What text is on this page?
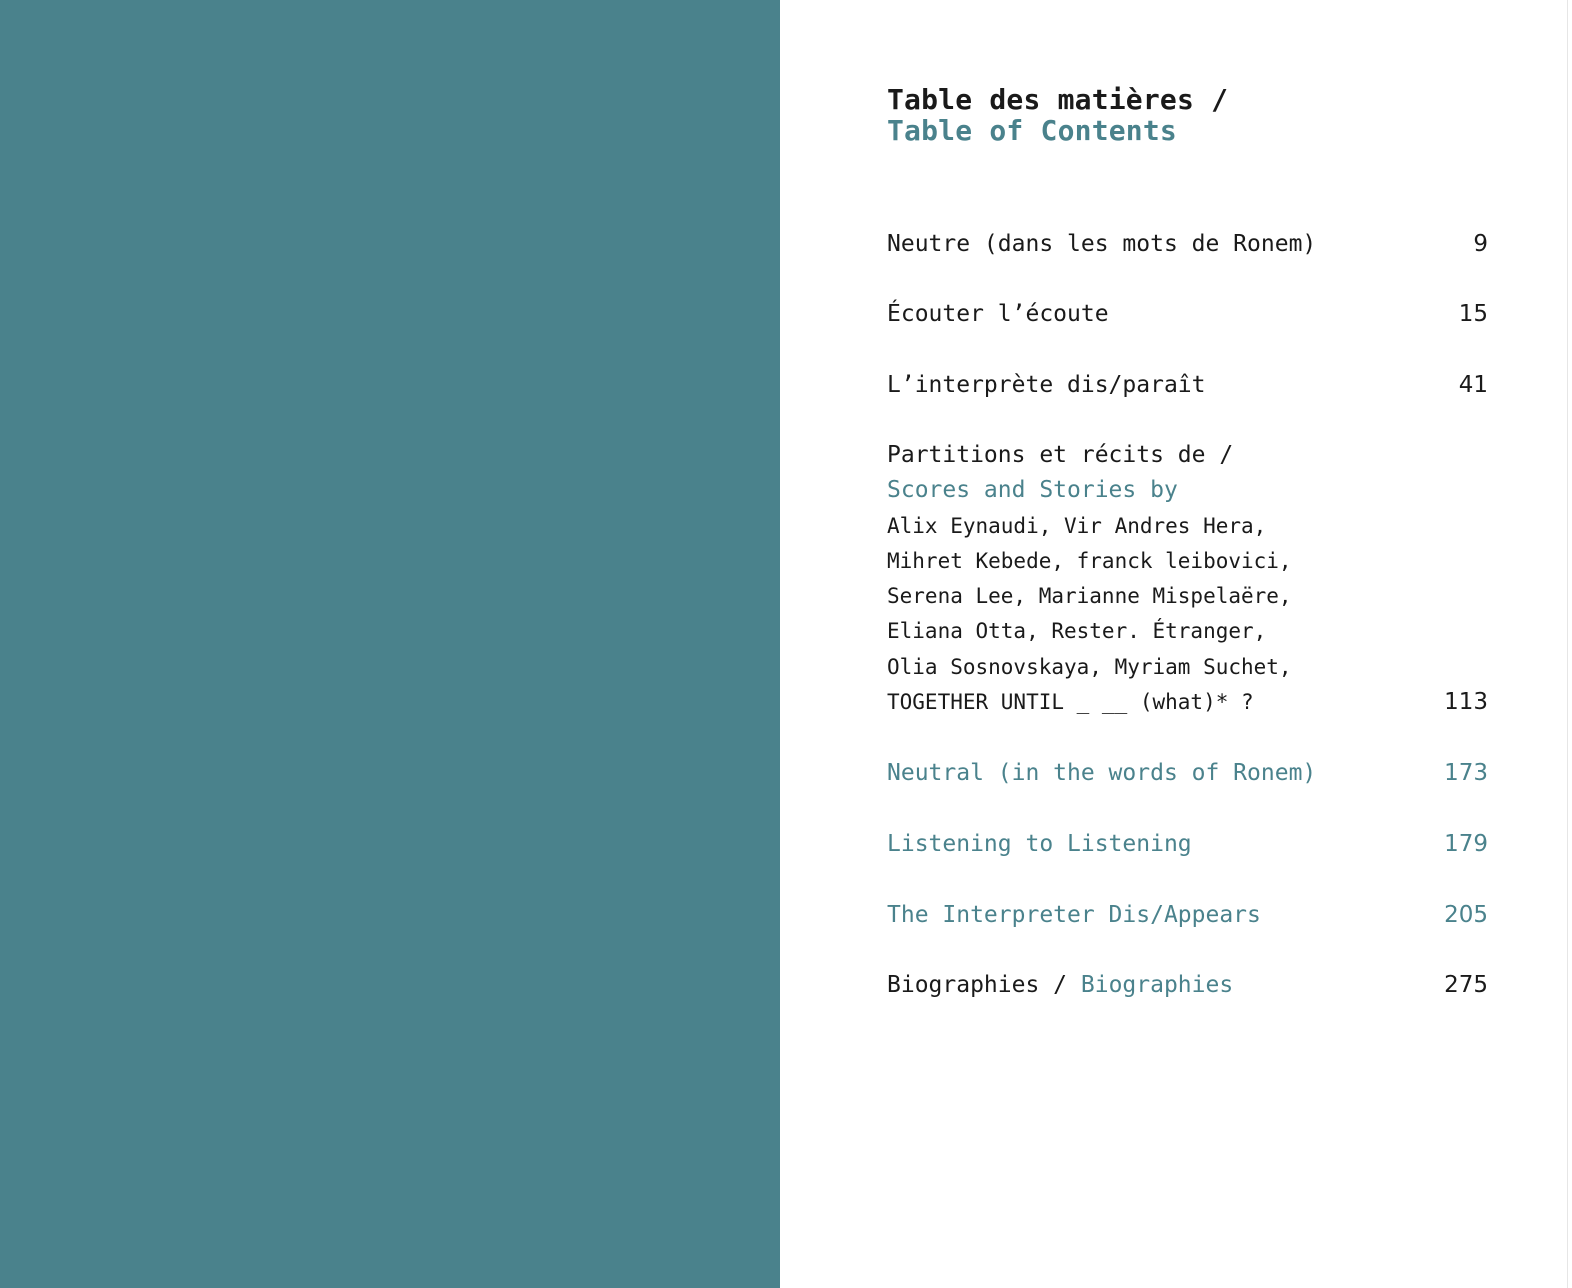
Table des matières /
Table of Contents
Neutre (dans les mots de Ronem)	9
Écouter l’écoute	15
L’interprète dis/paraît	41
Partitions et récits de /
Scores and Stories by
Alix Eynaudi, Vir Andres Hera,
Mihret Kebede, franck leibovici,
Serena Lee, Marianne Mispelaëre,
Eliana Otta, Rester. Étranger,
Olia Sosnovskaya, Myriam Suchet,
TOGETHER UNTIL _ __ (what)* ?	113
Neutral (in the words of Ronem)	173
Listening to Listening	179
The Interpreter Dis/Appears	205
Biographies / Biographies	275
